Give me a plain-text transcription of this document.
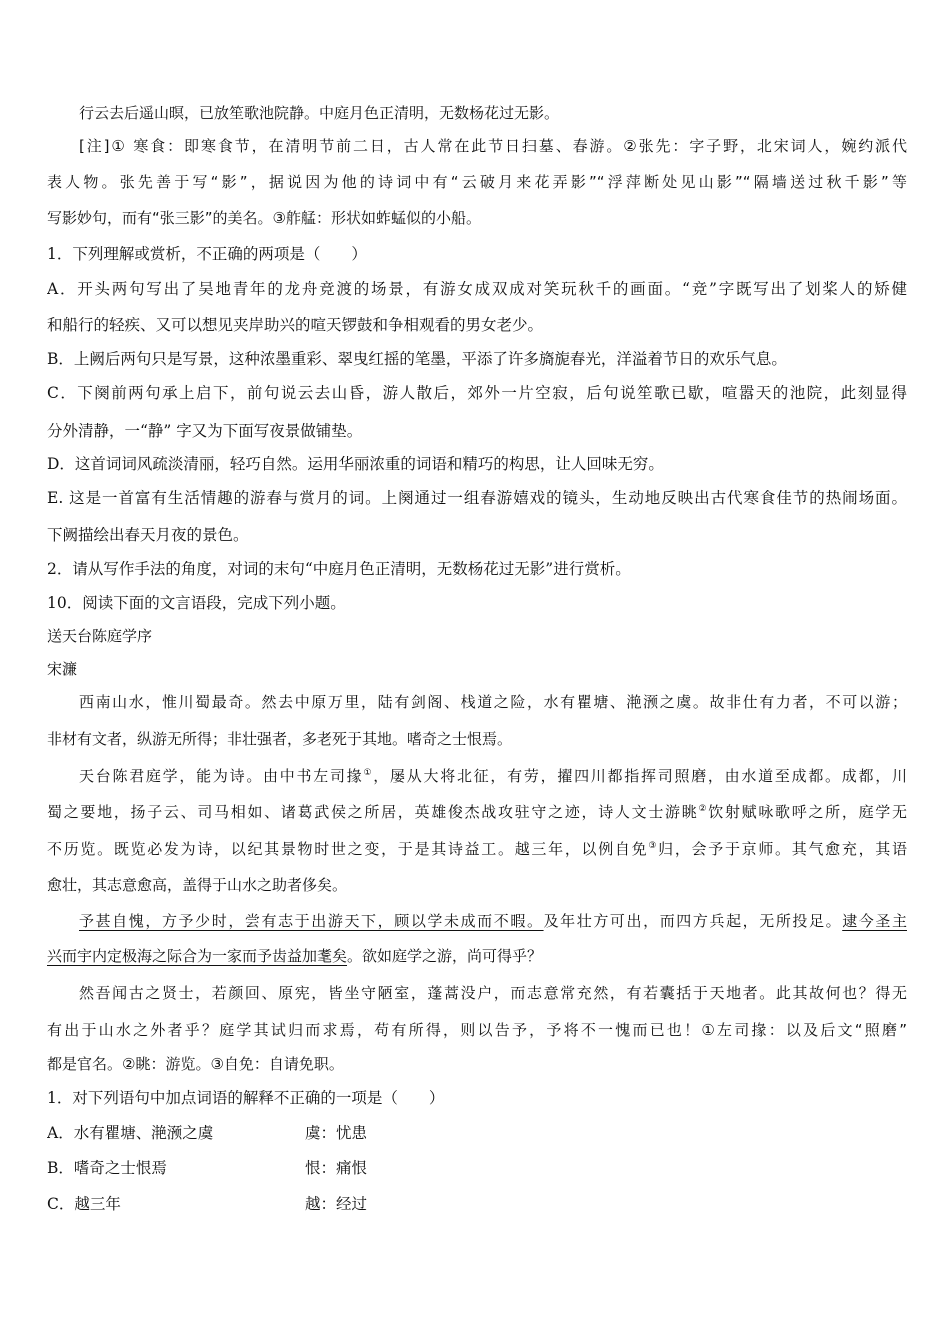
行云去后遥山暝，已放笙歌池院静。中庭月色正清明，无数杨花过无影。
[注]① 寒食：即寒食节，在清明节前二日，古人常在此节日扫墓、春游。②张先：字子野，北宋词人，婉约派代
表人物。张先善于写“影”，据说因为他的诗词中有“云破月来花弄影”“浮萍断处见山影”“隔墙送过秋千影”等
写影妙句，而有“张三影”的美名。③舴艋：形状如蚱蜢似的小船。
1．下列理解或赏析，不正确的两项是（　　）
A．开头两句写出了吴地青年的龙舟竞渡的场景，有游女成双成对笑玩秋千的画面。“竞”字既写出了划桨人的矫健
和船行的轻疾、又可以想见夹岸助兴的喧天锣鼓和争相观看的男女老少。
B．上阙后两句只是写景，这种浓墨重彩、翠曳红摇的笔墨，平添了许多旖旎春光，洋溢着节日的欢乐气息。
C．下阕前两句承上启下，前句说云去山昏，游人散后，郊外一片空寂，后句说笙歌已歇，喧嚣天的池院，此刻显得
分外清静，一“静” 字又为下面写夜景做铺垫。
D．这首词词风疏淡清丽，轻巧自然。运用华丽浓重的词语和精巧的构思，让人回味无穷。
E. 这是一首富有生活情趣的游春与赏月的词。上阕通过一组春游嬉戏的镜头，生动地反映出古代寒食佳节的热闹场面。
下阙描绘出春天月夜的景色。
2．请从写作手法的角度，对词的末句“中庭月色正清明，无数杨花过无影”进行赏析。
10．阅读下面的文言语段，完成下列小题。
送天台陈庭学序
宋濂
西南山水，惟川蜀最奇。然去中原万里，陆有剑阁、栈道之险，水有瞿塘、滟滪之虞。故非仕有力者，不可以游；
非材有文者，纵游无所得；非壮强者，多老死于其地。嗜奇之士恨焉。
天台陈君庭学，能为诗。由中书左司掾①，屡从大将北征，有劳，擢四川都指挥司照磨，由水道至成都。成都，川
蜀之要地，扬子云、司马相如、诸葛武侯之所居，英雄俊杰战攻驻守之迹，诗人文士游眺②饮射赋咏歌呼之所，庭学无
不历览。既览必发为诗，以纪其景物时世之变，于是其诗益工。越三年，以例自免③归，会予于京师。其气愈充，其语
愈壮，其志意愈高，盖得于山水之助者侈矣。
予甚自愧，方予少时，尝有志于出游天下，顾以学未成而不暇。及年壮方可出，而四方兵起，无所投足。逮今圣主
兴而宇内定极海之际合为一家而予齿益加耄矣。欲如庭学之游，尚可得乎？
然吾闻古之贤士，若颜回、原宪，皆坐守陋室，蓬蒿没户，而志意常充然，有若囊括于天地者。此其故何也？得无
有出于山水之外者乎？庭学其试归而求焉，苟有所得，则以告予，予将不一愧而已也！①左司掾：以及后文“照磨”
都是官名。②眺：游览。③自免：自请免职。
1．对下列语句中加点词语的解释不正确的一项是（　　）
A．水有瞿塘、滟滪之虞	虞：忧患
B．嗜奇之士恨焉	恨：痛恨
C．越三年	越：经过
